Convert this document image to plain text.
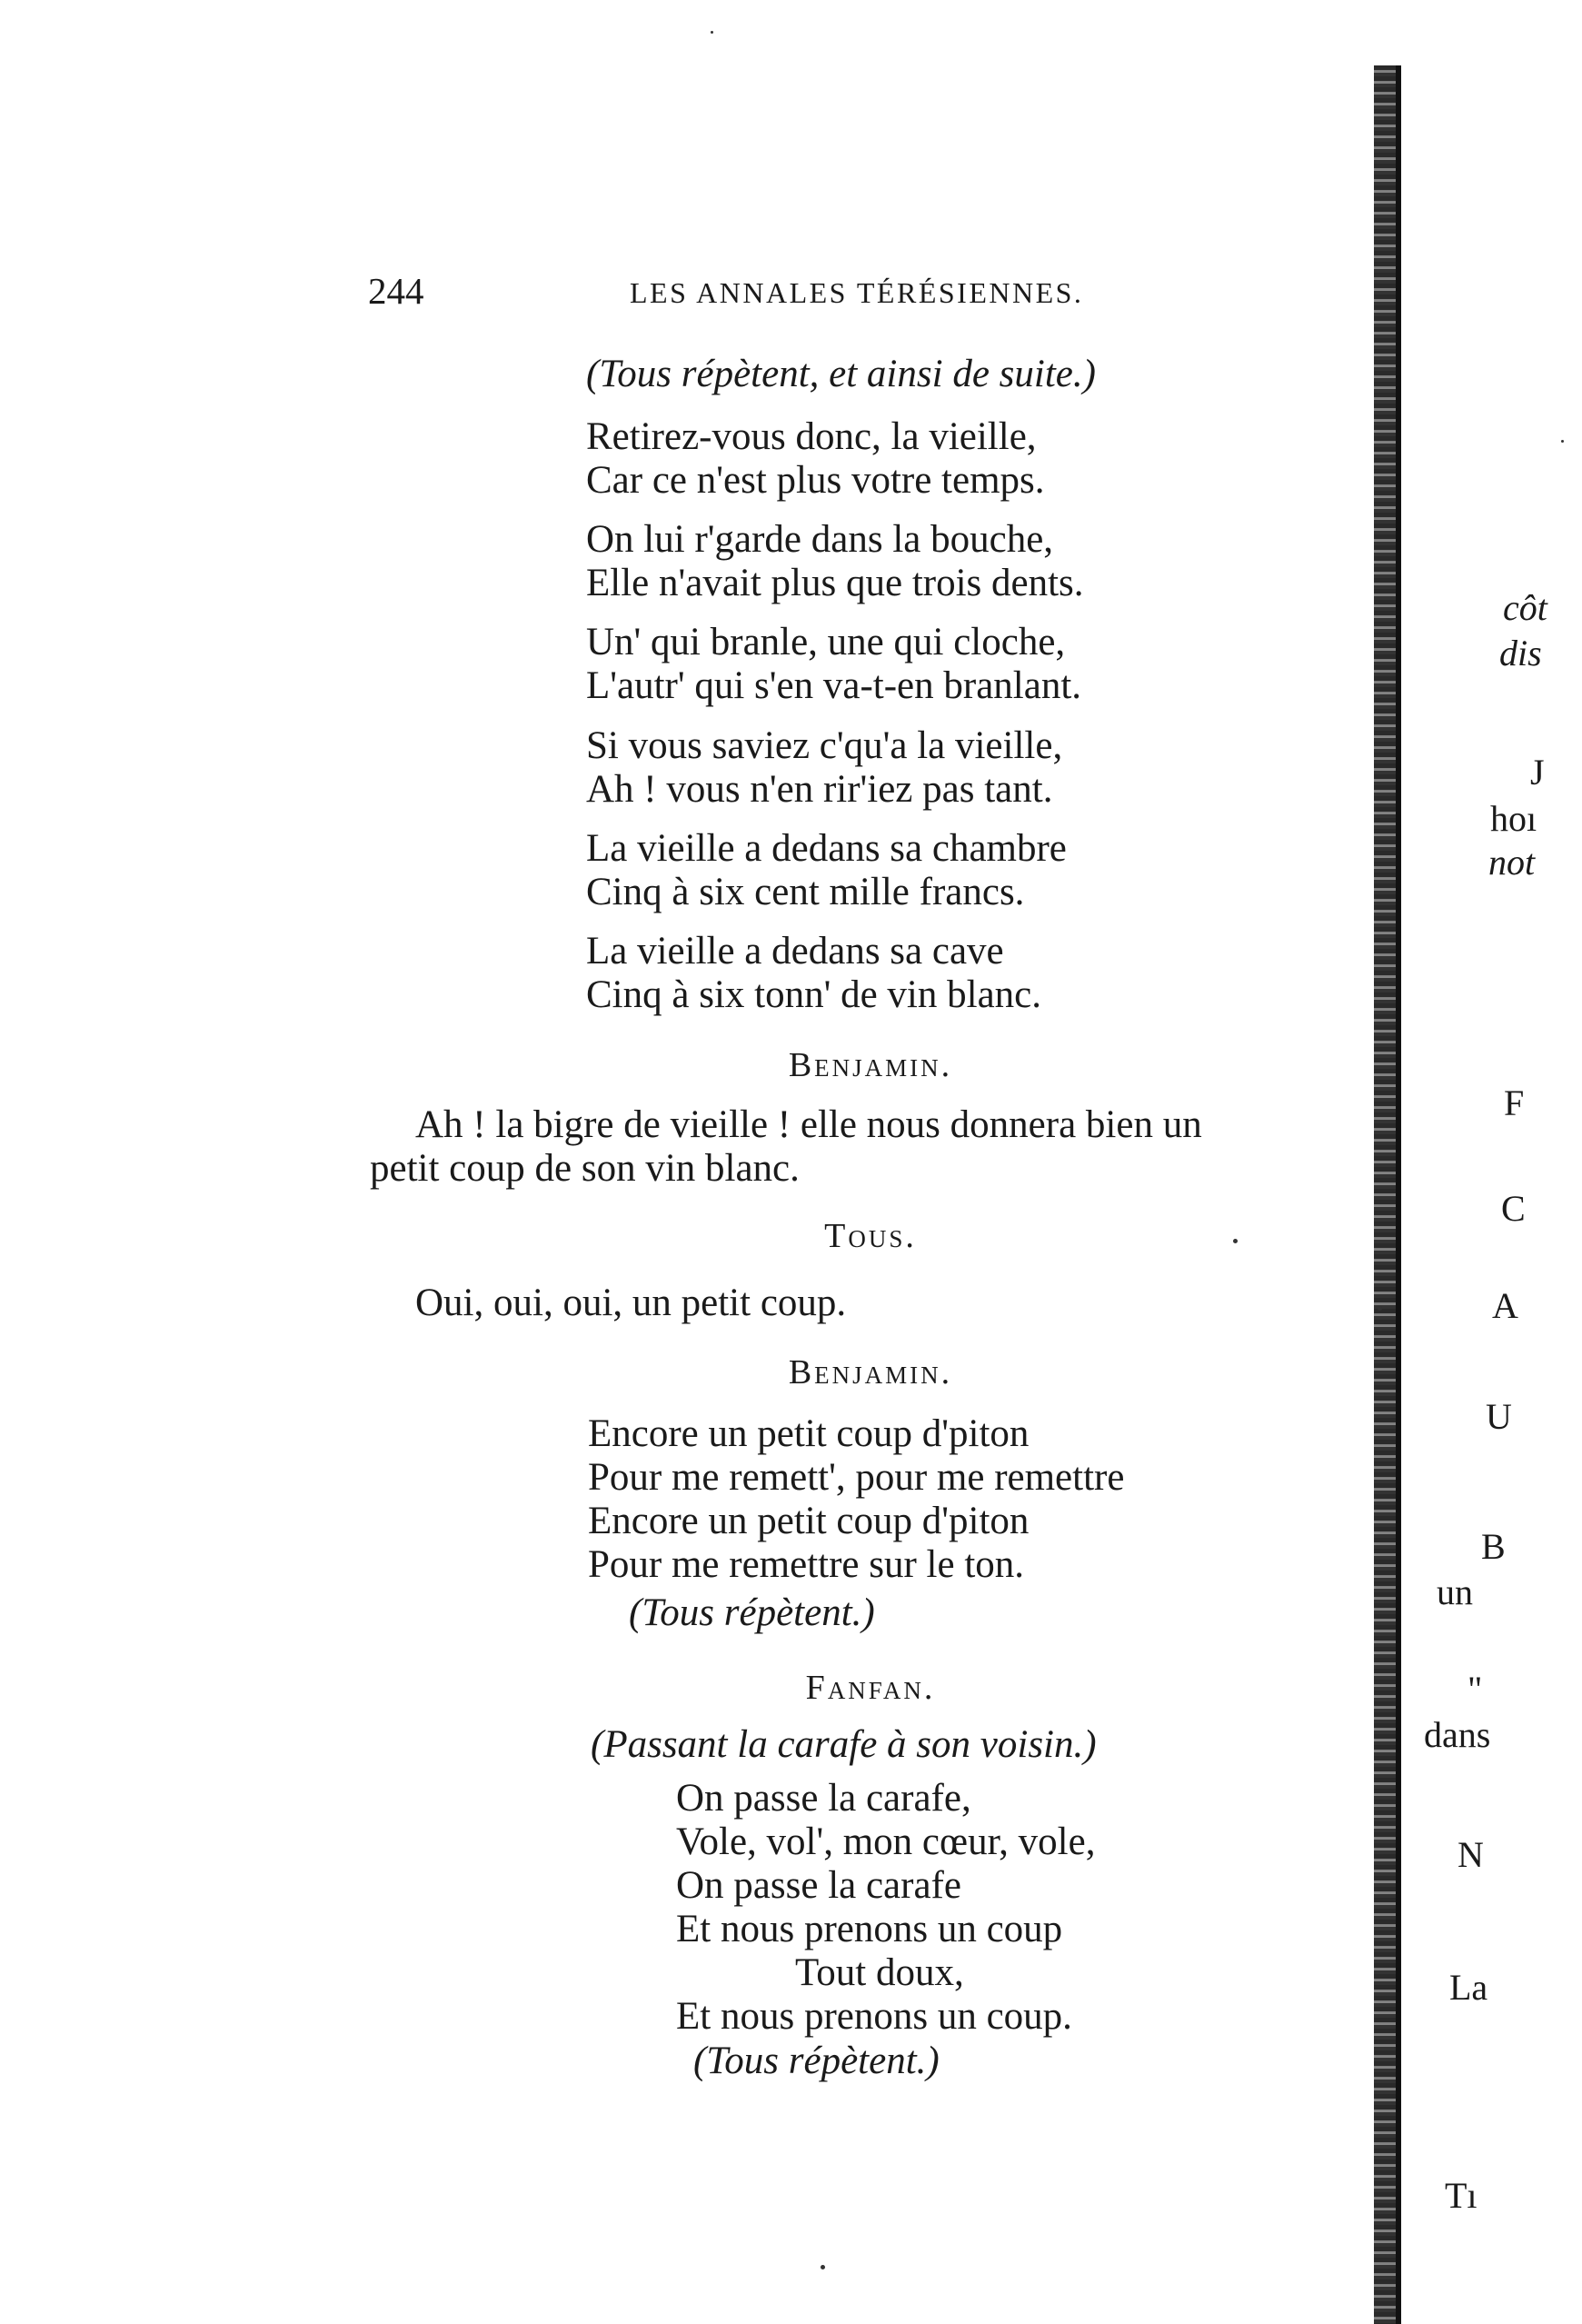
244	LES ANNALES TÉRÉSIENNES.
(Tous répètent, et ainsi de suite.)
Retirez-vous donc, la vieille,
Car ce n'est plus votre temps.
On lui r'garde dans la bouche,
Elle n'avait plus que trois dents.
Un' qui branle, une qui cloche,
L'autr' qui s'en va-t-en branlant.
Si vous saviez c'qu'a la vieille,
Ah ! vous n'en rir'iez pas tant.
La vieille a dedans sa chambre
Cinq à six cent mille francs.
La vieille a dedans sa cave
Cinq à six tonn' de vin blanc.
Benjamin.
Ah ! la bigre de vieille ! elle nous donnera bien un
petit coup de son vin blanc.
Tous.
Oui, oui, oui, un petit coup.
Benjamin.
Encore un petit coup d'piton
Pour me remett', pour me remettre
Encore un petit coup d'piton
Pour me remettre sur le ton.
(Tous répètent.)
Fanfan.
(Passant la carafe à son voisin.)
On passe la carafe,
Vole, vol', mon cœur, vole,
On passe la carafe
Et nous prenons un coup
Tout doux,
Et nous prenons un coup.
(Tous répètent.)
côt
dis
J
hoı
not
F
C
A
U
B
un
"
dans
N
La
Tı
